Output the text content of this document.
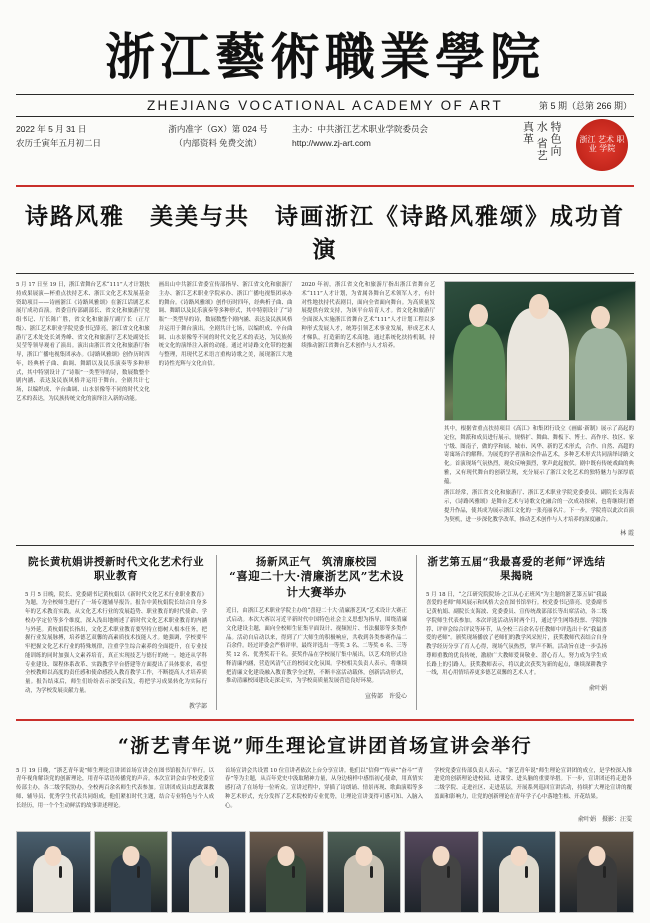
浙江藝術職業學院
ZHEJIANG VOCATIONAL ACADEMY OF ART	第 5 期（总第 266 期）
2022 年 5 月 31 日
农历壬寅年五月初二日
浙内准字（GX）第 024 号
（内部资料 免费交流）
主办：中共浙江艺术职业学院委员会
http://www.zj-art.com	特色向水 省艺真革	浙江 艺术 职业 学院
诗路风雅　美美与共　诗画浙江《诗路风雅颂》成功首演
5 月 17 日至 19 日，浙江省舞台艺术“111”人才计划扶持成果展演—杯重点扶持艺术、浙江文化艺术发展基金资助项目——诗画浙江《诗路风雅颂》在浙江话剧艺术展厅成功首演。省委宣传部副部长、省文化和旅游厅党组书记、厅长陈广胜，省文化和旅游厅副厅长（正厅级）、浙江艺术职业学院党委书记薛亮，浙江省文化和旅游厅艺术处处长刘秀峰、省文化和旅游厅艺术处副处长吴莹等领导观看了演出。演出由浙江省文化和旅游厅指导，浙江广播电视集团承办。《诗路风雅颂》创作历时四年，经典析子曲、曲调、舞蹈以及民乐演奏等多种形式，其中特别设计了“诗瓶”一类型导的诗，数展数整个剧内涵、表达及民族风格并运用于舞台。全剧共计七场，以编织成、辛台曲调、山水景像等不同的时代文化艺术的表达，为民族传统文化的演绎注入新的动能。
画出山中共浙江省委宣传部指导、浙江省文化和旅游厅主办、浙江艺术职业学院承办、浙江广播电视集团承办的舞台。《诗路风雅颂》创作历时四年，经典析子曲、曲调、舞蹈以及民乐演奏等多种形式，其中特别设计了“诗瓶”一类型导的诗，数展数整个剧内涵、表达及民族风格并运用于舞台演出。全剧共计七场，以编织成、辛台曲调、山水景像等不同的时代文化艺术的表达，为民族传统文化的演绎注入新的动能。通过对诗路文化带的挖掘与整理，用现代艺术语言重构诗歌之美，展现浙江大地的诗性光辉与文化自信。
2020 年初，浙江省文化和旅游厅指出浙江省舞台艺术“111”人才计划，为省属各舞台艺术领军人才，有针对性地扶持代表剧目，面向全省面向舞台。为高质量发展提供有效支持，为该平台培育人才。省文化和旅游厅全面深入实施浙江省舞台艺术“111”人才计划工程以多种形式发展人才，统筹引领艺术事业发展，形成艺术人才梯队，打造新的艺术高地。通过系统化扶持机制，持续推动浙江省舞台艺术创作与人才培养。
其中，根据省重点扶持项目《高江》和集团行设立《画廊·新制》展示了高起的定位，舞派和成员进行展示，规格扩、舞曲、舞板下、博士、高作序、妆区、家宁级、图南子，做的学和展、城市、风华、新的艺术形式，合作、自然、高超的寄寓场合的解释。为展览的学者演和会作品艺术，多种艺术形式共同演绎诗路文化。首演现场气氛热烈，观众反响强烈，掌声此起彼伏。剧中既有传统戏曲的典雅，又有现代舞台的创新呈现，充分展示了浙江文化艺术的独特魅力与深厚底蕴。
浙江经常，浙江省文化和旅游厅、浙江艺术职业学院党委委员、副院长支海表示，《诗路风雅颂》是舞台艺术与诗歌文化融合的一次成功探索，也将继续打磨提升作品，使其成为展示浙江文化的一张亮丽名片。下一步，学院将以此次首演为契机，进一步深化教学改革，推动艺术创作与人才培养的深度融合。
林 霞
院长黄杭娟讲授新时代文化艺术行业职业教育
5 月 5 日晚，院长、党委副书记黄杭娟以《新时代文化艺术行业职业教育》为题，为全校师生进行了一场专题辅导报告。报告中黄杭娟院长结合自身多年的艺术教育实践，从文化艺术行业的发展趋势、职业教育的时代使命、学校办学定位等多个维度，深入浅出地阐述了新时代文化艺术职业教育的内涵与外延。黄杭娟院长指出，文化艺术职业教育要坚持立德树人根本任务，把握行业发展脉搏，培养德艺双馨的高素质技术技能人才。她强调，学校要牢牢把握文化艺术行业的特殊规律，注重学生综合素养的全面提升，在专业技能训练的同时加强人文素养培育，真正实现技艺与德行的统一。她还从学科专业建设、课程体系改革、实践教学平台搭建等方面提出了具体要求，希望全校教师以高度的责任感和使命感投入教育教学工作，不断提高人才培养质量。报告结束后，师生们纷纷表示深受启发，将把学习成果转化为实际行动，为学校发展贡献力量。
教学部
扬新风正气　筑清廉校园
“喜迎二十大·清廉浙艺风”艺术设计大赛举办
近日，由浙江艺术职业学院主办的“喜迎二十大·清廉浙艺风”艺术设计大赛正式启动。本次大赛以习近平新时代中国特色社会主义思想为指导，围绕清廉文化建设主题，面向全校师生征集平面设计、视频短片、书法摄影等多类作品。活动自启动以来，得到了广大师生的积极响应，共收到各类参赛作品二百余件。经过评委会严格评审，最终评选出一等奖 3 名、二等奖 6 名、三等奖 12 名、优秀奖若干名。获奖作品在学校展厅集中展出，以艺术的形式诠释清廉内涵，营造风清气正的校园文化氛围。学校相关负责人表示，将继续把清廉文化建设融入教育教学全过程，不断丰富活动载体，创新活动形式，推动清廉校园建设走深走实，为学校高质量发展营造良好环境。
宣传部　许爱心
浙艺第五届“我最喜爱的老师”评选结果揭晓
5 月 18 日，“之江研究院院场·之江从心正班风”为主题的浙艺第五届“我最喜爱的老师”师风展示和风格大会在图书馆举行。校党委书记薛亮、党委副书记黄杭娟、副院长支海波、党委委员、宣传统战部部长等出席活动，各二级学院师生代表参加。本次评选活动历时两个月，通过学生网络投票、学院推荐、评审会综合评议等环节，从全校三百余名专任教师中评选出十名“我最喜爱的老师”。颁奖现场播放了老师们的教学风采短片，获奖教师代表结合自身教学经历分享了育人心得，现场气氛热烈，掌声不断。活动旨在进一步弘扬尊师重教的优良传统，激励广大教师爱岗敬业、潜心育人，努力成为学生成长路上的引路人。获奖教师表示，将以此次获奖为新的起点，继续深耕教学一线，用心用情培养更多德艺双馨的艺术人才。
俞叶娟
“浙艺青年说”师生理论宣讲团首场宣讲会举行
5 月 19 日晚，“浙艺青年说”师生理论宣讲团首场宣讲会在图书馆报告厅举行。以青年视角解读党的创新理论，用青年话语传播党的声音。本次宣讲会由学校党委宣传部主办，各二级学院协办，全校两百余名师生代表参加。宣讲团成员由思政课教师、辅导员、优秀学生代表共同组成，他们紧扣时代主题，结合专业特色与个人成长经历，用一个个生动鲜活的故事讲述理论。
首场宣讲会共设置 10 位宣讲者依次上台分享宣讲。他们以“信仰”“传承”“奋斗”“青春”等为主题，从百年党史中汲取精神力量，从身边榜样中感悟初心使命，用真情实感打动了在场每一位听众。宣讲过程中，穿插了诗朗诵、情景再现、歌曲演唱等多种艺术形式，充分发挥了艺术院校的专业优势，让理论宣讲变得可感可知、入脑入心。
学校党委宣传部负责人表示，“浙艺青年说”师生理论宣讲团的成立，是学校深入推进党的创新理论进校园、进课堂、进头脑的重要举措。下一步，宣讲团还将走进各二级学院、走进社区、走进基层，开展系列巡回宣讲活动，持续扩大理论宣讲的覆盖面和影响力，让党的创新理论在青年学子心中落地生根、开花结果。
俞叶娟　摄影：汪雯
